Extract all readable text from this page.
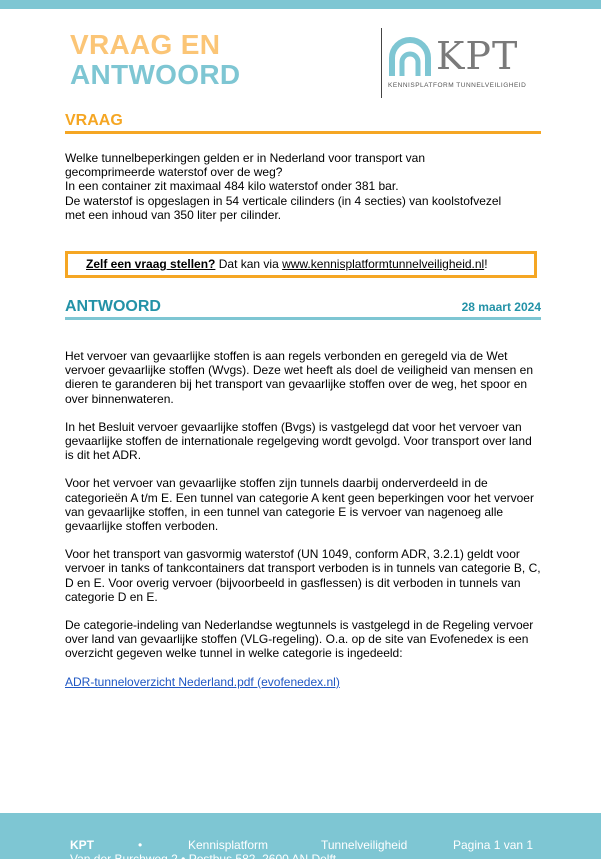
VRAAG EN
ANTWOORD	KPT
KENNISPLATFORM TUNNELVEILIGHEID
VRAAG

Welke tunnelbeperkingen gelden er in Nederland voor transport van

gecomprimeerde waterstof over de weg?

In een container zit maximaal 484 kilo waterstof onder 381 bar.

De waterstof is opgeslagen in 54 verticale cilinders (in 4 secties) van koolstofvezel

met een inhoud van 350 liter per cilinder.

Zelf een vraag stellen? Dat kan via www.kennisplatformtunnelveiligheid.nl!
ANTWOORD	28 maart 2024

Het vervoer van gevaarlijke stoffen is aan regels verbonden en geregeld via de Wet vervoer gevaarlijke stoffen (Wvgs). Deze wet heeft als doel de veiligheid van mensen en dieren te garanderen bij het transport van gevaarlijke stoffen over de weg, het spoor en over binnenwateren.

In het Besluit vervoer gevaarlijke stoffen (Bvgs) is vastgelegd dat voor het vervoer van gevaarlijke stoffen de internationale regelgeving wordt gevolgd. Voor transport over land is dit het ADR.

Voor het vervoer van gevaarlijke stoffen zijn tunnels daarbij onderverdeeld in de categorieën A t/m E. Een tunnel van categorie A kent geen beperkingen voor het vervoer van gevaarlijke stoffen, in een tunnel van categorie E is vervoer van nagenoeg alle gevaarlijke stoffen verboden.

Voor het transport van gasvormig waterstof (UN 1049, conform ADR, 3.2.1) geldt voor vervoer in tanks of tankcontainers dat transport verboden is in tunnels van categorie B, C, D en E. Voor overig vervoer (bijvoorbeeld in gasflessen) is dit verboden in tunnels van categorie D en E.

De categorie-indeling van Nederlandse wegtunnels is vastgelegd in de Regeling vervoer over land van gevaarlijke stoffen (VLG-regeling). O.a. op de site van Evofenedex is een overzicht gegeven welke tunnel in welke categorie is ingedeeld:

ADR-tunneloverzicht Nederland.pdf (evofenedex.nl)

KPT	•	Kennisplatform	Tunnelveiligheid	Pagina 1 van 1
Van der Burchweg 2 • Postbus 582, 2600 AN Delft
